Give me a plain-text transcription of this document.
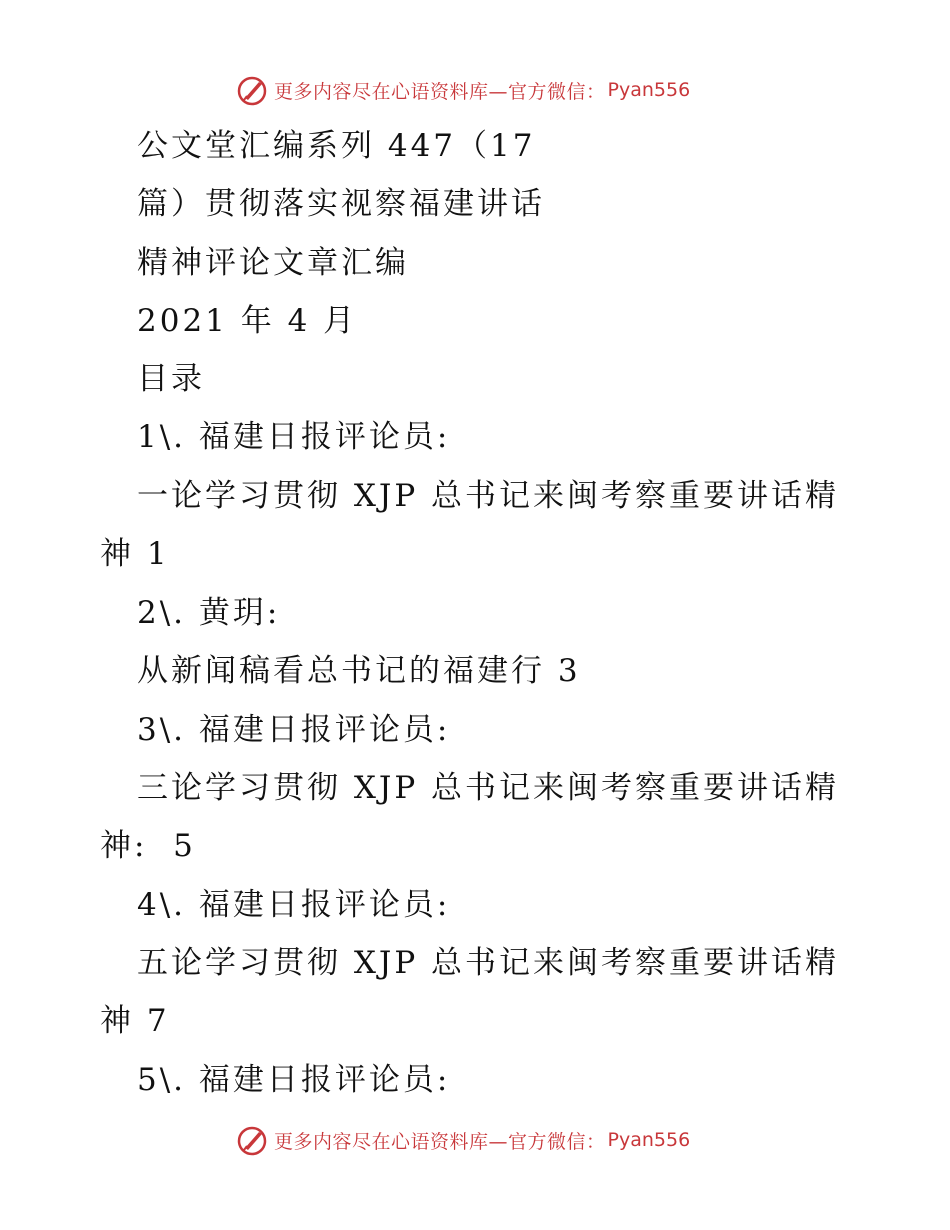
更多内容尽在心语资料库—官方微信： Pyan556
公文堂汇编系列 447（17
篇）贯彻落实视察福建讲话
精神评论文章汇编
2021 年 4 月
目录
1\. 福建日报评论员:
一论学习贯彻 XJP 总书记来闽考察重要讲话精
神 1
2\. 黄玥:
从新闻稿看总书记的福建行 3
3\. 福建日报评论员:
三论学习贯彻 XJP 总书记来闽考察重要讲话精
神:  5
4\. 福建日报评论员:
五论学习贯彻 XJP 总书记来闽考察重要讲话精
神 7
5\. 福建日报评论员:
更多内容尽在心语资料库—官方微信： Pyan556
